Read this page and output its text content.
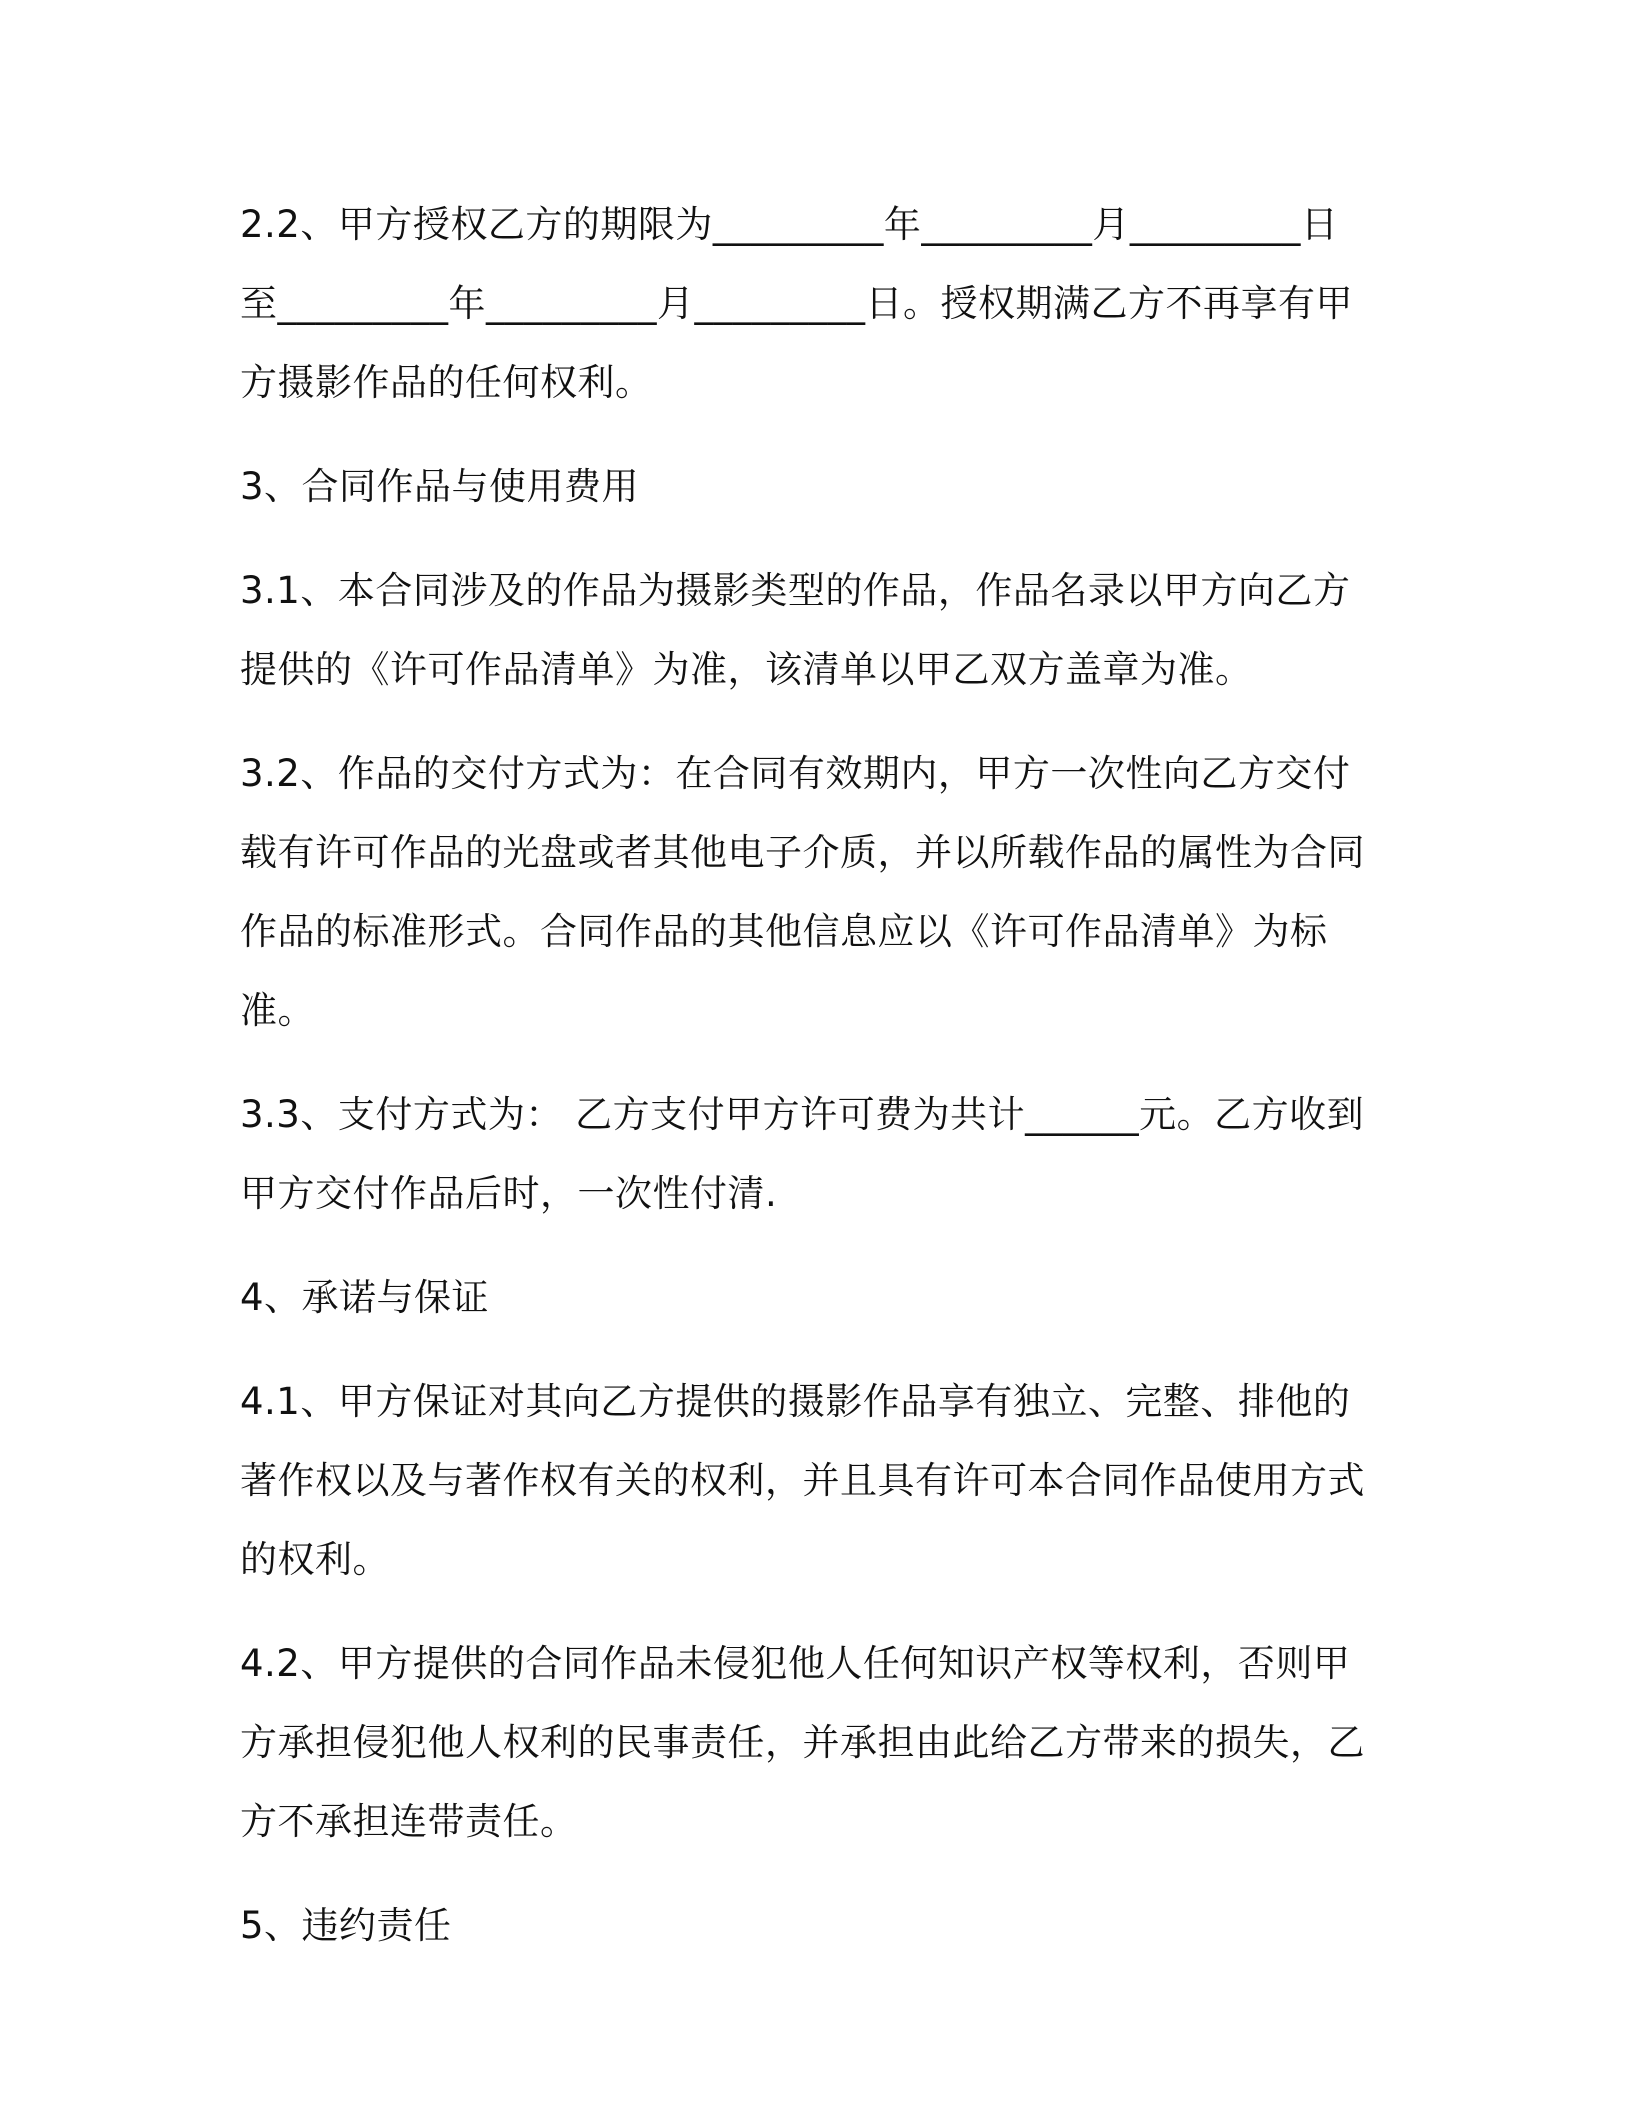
2.2、甲方授权乙方的期限为_________年_________月_________日至_________年_________月_________日。授权期满乙方不再享有甲方摄影作品的任何权利。

3、合同作品与使用费用

3.1、本合同涉及的作品为摄影类型的作品，作品名录以甲方向乙方提供的《许可作品清单》为准，该清单以甲乙双方盖章为准。

3.2、作品的交付方式为：在合同有效期内，甲方一次性向乙方交付载有许可作品的光盘或者其他电子介质，并以所载作品的属性为合同作品的标准形式。合同作品的其他信息应以《许可作品清单》为标准。

3.3、支付方式为： 乙方支付甲方许可费为共计______元。乙方收到甲方交付作品后时，一次性付清.

4、承诺与保证

4.1、甲方保证对其向乙方提供的摄影作品享有独立、完整、排他的著作权以及与著作权有关的权利，并且具有许可本合同作品使用方式的权利。

4.2、甲方提供的合同作品未侵犯他人任何知识产权等权利，否则甲方承担侵犯他人权利的民事责任，并承担由此给乙方带来的损失，乙方不承担连带责任。

5、违约责任
